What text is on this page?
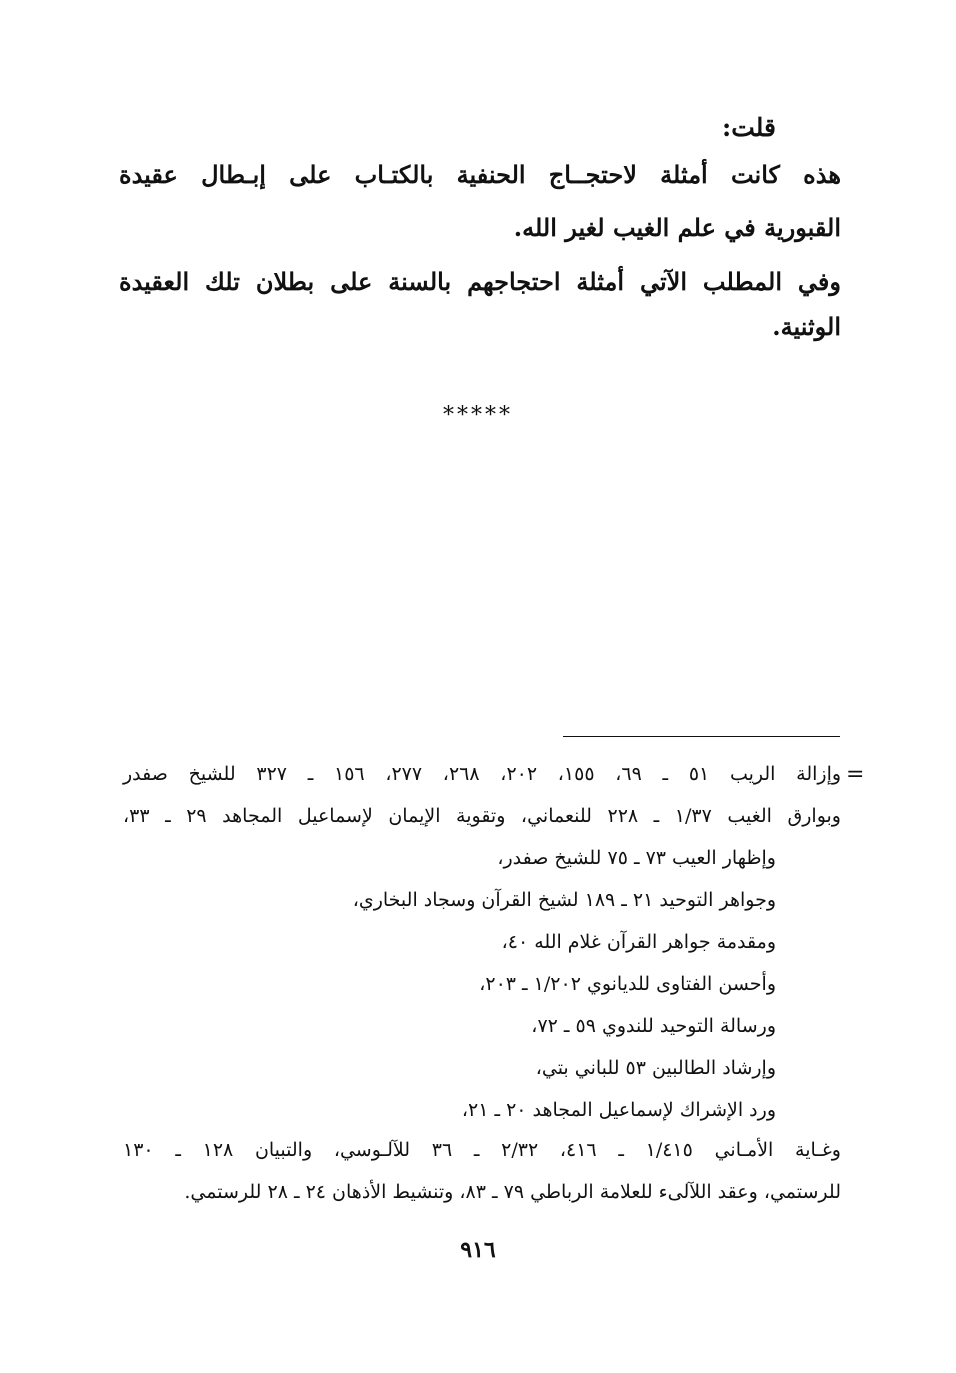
قلت:
هذه كانت أمثلة لاحتجــاج الحنفية بالكتـاب على إبـطال عقيدة
القبورية في علم الغيب لغير الله.
وفي المطلب الآتي أمثلة احتجاجهم بالسنة على بطلان تلك العقيدة
الوثنية.
*****
=
وإزالة الريب ٥١ ـ ٦٩، ١٥٥، ٢٠٢، ٢٦٨، ٢٧٧، ١٥٦ ـ ٣٢٧ للشيخ صفدر
وبوارق الغيب ١/٣٧ ـ ٢٢٨ للنعماني، وتقوية الإيمان لإسماعيل المجاهد ٢٩ ـ ٣٣،
وإظهار العيب ٧٣ ـ ٧٥ للشيخ صفدر،
وجواهر التوحيد ٢١ ـ ١٨٩ لشيخ القرآن وسجاد البخاري،
ومقدمة جواهر القرآن غلام الله ٤٠،
وأحسن الفتاوى للديانوي ١/٢٠٢ ـ ٢٠٣،
ورسالة التوحيد للندوي ٥٩ ـ ٧٢،
وإرشاد الطالبين ٥٣ للباني بتي،
ورد الإشراك لإسماعيل المجاهد ٢٠ ـ ٢١،
وغـاية الأمـاني ١/٤١٥ ـ ٤١٦، ٢/٣٢ ـ ٣٦ للآلـوسي، والتبيان ١٢٨ ـ ١٣٠
للرستمي، وعقد اللآلىء للعلامة الرباطي ٧٩ ـ ٨٣، وتنشيط الأذهان ٢٤ ـ ٢٨ للرستمي.
٩١٦
